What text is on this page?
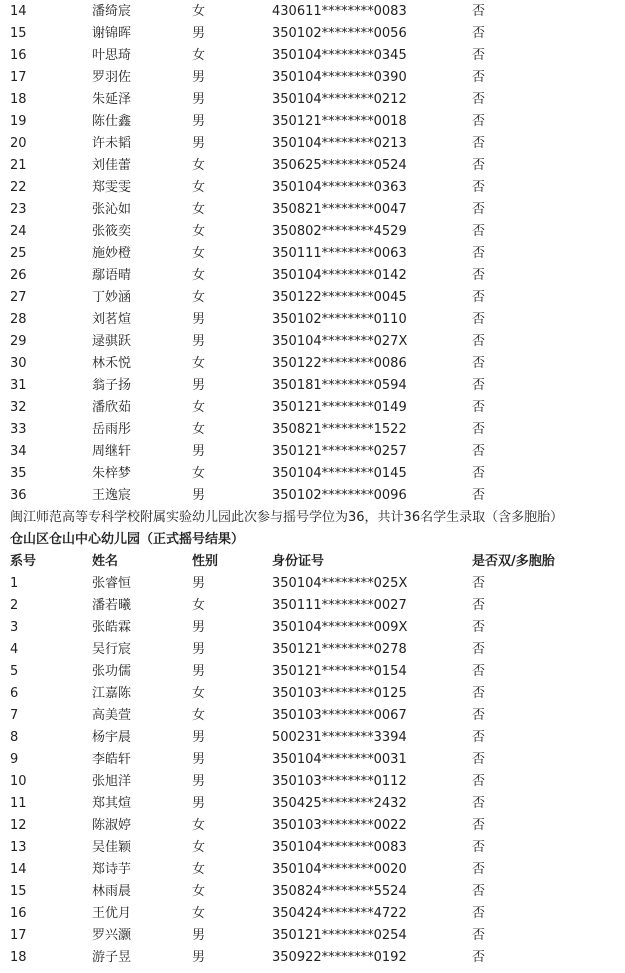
14	潘绮宸	女	430611********0083	否
15	谢锦晖	男	350102********0056	否
16	叶思琦	女	350104********0345	否
17	罗羽佐	男	350104********0390	否
18	朱延泽	男	350104********0212	否
19	陈仕鑫	男	350121********0018	否
20	许未韬	男	350104********0213	否
21	刘佳蕾	女	350625********0524	否
22	郑雯雯	女	350104********0363	否
23	张沁如	女	350821********0047	否
24	张筱奕	女	350802********4529	否
25	施妙橙	女	350111********0063	否
26	鄢语晴	女	350104********0142	否
27	丁妙涵	女	350122********0045	否
28	刘茗煊	男	350102********0110	否
29	逯骐跃	男	350104********027X	否
30	林禾悦	女	350122********0086	否
31	翁子扬	男	350181********0594	否
32	潘欣茹	女	350121********0149	否
33	岳雨彤	女	350821********1522	否
34	周继轩	男	350121********0257	否
35	朱梓梦	女	350104********0145	否
36	王逸宸	男	350102********0096	否
闽江师范高等专科学校附属实验幼儿园此次参与摇号学位为36，共计36名学生录取（含多胞胎）
仓山区仓山中心幼儿园（正式摇号结果）
系号	姓名	性别	身份证号	是否双/多胞胎
1	张睿恒	男	350104********025X	否
2	潘若曦	女	350111********0027	否
3	张皓霖	男	350104********009X	否
4	吴行宸	男	350121********0278	否
5	张功儒	男	350121********0154	否
6	江嘉陈	女	350103********0125	否
7	高美萱	女	350103********0067	否
8	杨宇晨	男	500231********3394	否
9	李皓轩	男	350104********0031	否
10	张旭洋	男	350103********0112	否
11	郑其煊	男	350425********2432	否
12	陈淑婷	女	350103********0022	否
13	吴佳颖	女	350104********0083	否
14	郑诗芋	女	350104********0020	否
15	林雨晨	女	350824********5524	否
16	王优月	女	350424********4722	否
17	罗兴灏	男	350121********0254	否
18	游子昱	男	350922********0192	否
